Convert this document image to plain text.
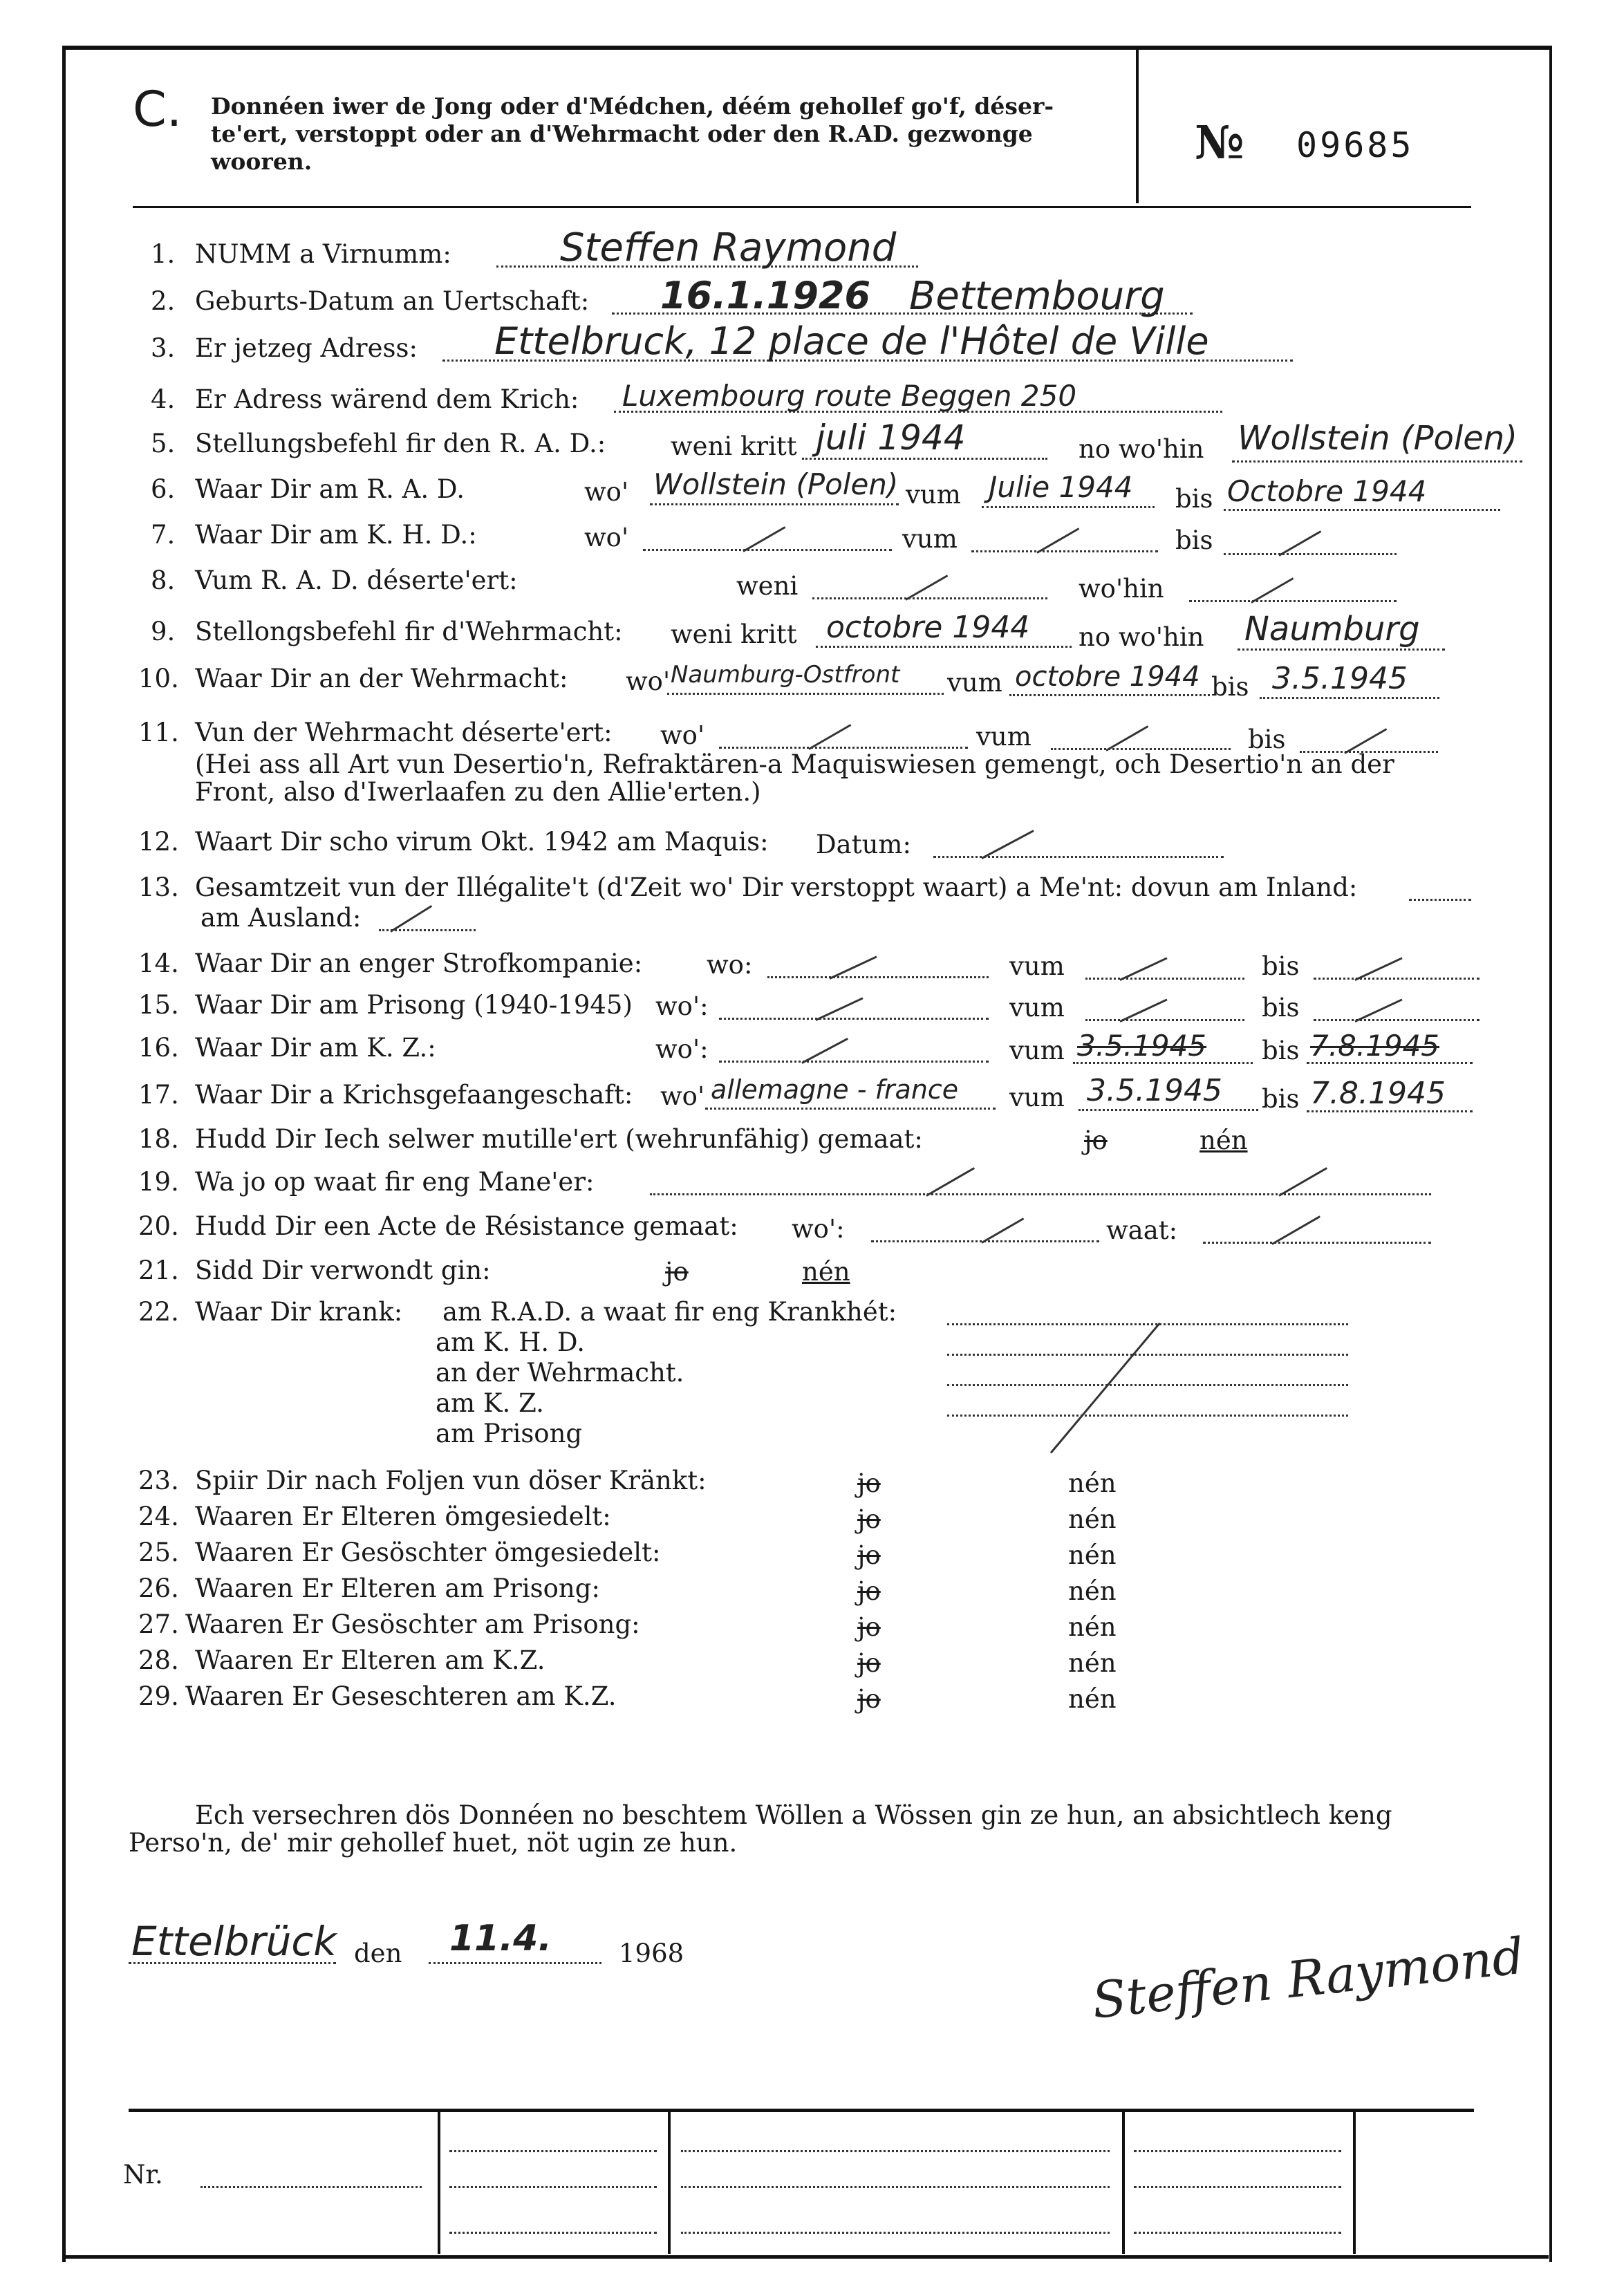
C. Donnéen iwer de Jong oder d'Médchen, déém gehollef go'f, déser-
te'ert, verstoppt oder an d'Wehrmacht oder den R.AD. gezwonge
wooren.	№ 09685
1. NUMM a Virnumm:	Steffen Raymond
2. Geburts-Datum an Uertschaft: 16.1.1926 Bettembourg
3. Er jetzeg Adress: Ettelbruck, 12 place de l'Hôtel de Ville
4. Er Adress wärend dem Krich: Luxembourg route Beggen 250
5. Stellungsbefehl fir den R. A. D.:	weni kritt juli 1944	no wo'hin Wollstein (Polen)
6. Waar Dir am R. A. D.	wo' Wollstein (Polen) vum Julie 1944 bis Octobre 1944
7. Waar Dir am K. H. D.:	wo'	vum	bis
8. Vum R. A. D. déserte'ert:	weni	wo'hin
9. Stellongsbefehl fir d'Wehrmacht: weni kritt octobre 1944 no wo'hin Naumburg
10. Waar Dir an der Wehrmacht: wo' Naumburg-Ostfront vum octobre 1944 bis 3.5.1945
11. Vun der Wehrmacht déserte'ert: wo'	vum	bis
(Hei ass all Art vun Desertio'n, Refraktären-a Maquiswiesen gemengt, och Desertio'n an der
Front, also d'Iwerlaafen zu den Allie'erten.)
12. Waart Dir scho virum Okt. 1942 am Maquis: Datum:
13. Gesamtzeit vun der Illégalite't (d'Zeit wo' Dir verstoppt waart) a Me'nt: dovun am Inland:
am Ausland:
14. Waar Dir an enger Strofkompanie:	wo:	vum	bis
15. Waar Dir am Prisong (1940-1945) wo':	vum	bis
16. Waar Dir am K. Z.:	wo':	vum 3.5.1945 bis 7.8.1945
17. Waar Dir a Krichsgefaangeschaft: wo' allemagne - france vum 3.5.1945 bis 7.8.1945
18. Hudd Dir Iech selwer mutille'ert (wehrunfähig) gemaat:	jo	nén
19. Wa jo op waat fir eng Mane'er:
20. Hudd Dir een Acte de Résistance gemaat: wo':	waat:
21. Sidd Dir verwondt gin:	jo	nén
22. Waar Dir krank: am R.A.D. a waat fir eng Krankhét:
am K. H. D.
an der Wehrmacht.
am K. Z.
am Prisong
23. Spiir Dir nach Foljen vun döser Kränkt:	jo	nén
24. Waaren Er Elteren ömgesiedelt:	jo	nén
25. Waaren Er Gesöschter ömgesiedelt:	jo	nén
26. Waaren Er Elteren am Prisong:	jo	nén
27. Waaren Er Gesöschter am Prisong:	jo	nén
28. Waaren Er Elteren am K.Z.	jo	nén
29. Waaren Er Geseschteren am K.Z.	jo	nén
Ech versechren dös Donnéen no beschtem Wöllen a Wössen gin ze hun, an absichtlech keng
Perso'n, de' mir gehollef huet, nöt ugin ze hun.
Ettelbrück den 11.4.	1968	Steffen Raymond
Nr.
